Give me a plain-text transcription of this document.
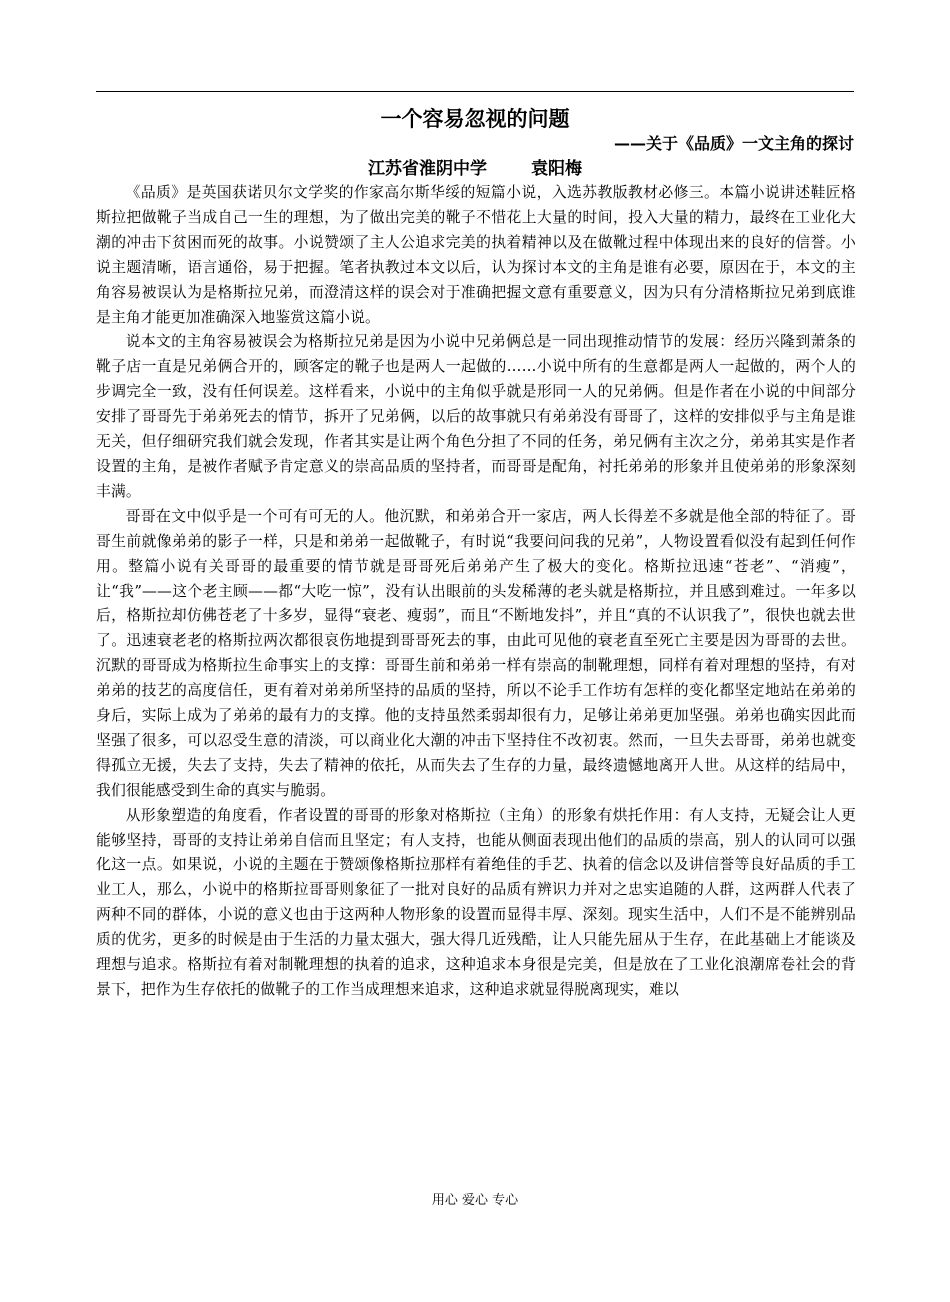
一个容易忽视的问题
——关于《品质》一文主角的探讨
江苏省淮阴中学	袁阳梅

《品质》是英国获诺贝尔文学奖的作家高尔斯华绥的短篇小说，入选苏教版教材必修三。本篇小说讲述鞋匠格斯拉把做靴子当成自己一生的理想，为了做出完美的靴子不惜花上大量的时间，投入大量的精力，最终在工业化大潮的冲击下贫困而死的故事。小说赞颂了主人公追求完美的执着精神以及在做靴过程中体现出来的良好的信誉。小说主题清晰，语言通俗，易于把握。笔者执教过本文以后，认为探讨本文的主角是谁有必要，原因在于，本文的主角容易被误认为是格斯拉兄弟，而澄清这样的误会对于准确把握文意有重要意义，因为只有分清格斯拉兄弟到底谁是主角才能更加准确深入地鉴赏这篇小说。

说本文的主角容易被误会为格斯拉兄弟是因为小说中兄弟俩总是一同出现推动情节的发展：经历兴隆到萧条的靴子店一直是兄弟俩合开的，顾客定的靴子也是两人一起做的……小说中所有的生意都是两人一起做的，两个人的步调完全一致，没有任何误差。这样看来，小说中的主角似乎就是形同一人的兄弟俩。但是作者在小说的中间部分安排了哥哥先于弟弟死去的情节，拆开了兄弟俩，以后的故事就只有弟弟没有哥哥了，这样的安排似乎与主角是谁无关，但仔细研究我们就会发现，作者其实是让两个角色分担了不同的任务，弟兄俩有主次之分，弟弟其实是作者设置的主角，是被作者赋予肯定意义的崇高品质的坚持者，而哥哥是配角，衬托弟弟的形象并且使弟弟的形象深刻丰满。

哥哥在文中似乎是一个可有可无的人。他沉默，和弟弟合开一家店，两人长得差不多就是他全部的特征了。哥哥生前就像弟弟的影子一样，只是和弟弟一起做靴子，有时说“我要问问我的兄弟”，人物设置看似没有起到任何作用。整篇小说有关哥哥的最重要的情节就是哥哥死后弟弟产生了极大的变化。格斯拉迅速“苍老”、“消瘦”，让“我”——这个老主顾——都“大吃一惊”，没有认出眼前的头发稀薄的老头就是格斯拉，并且感到难过。一年多以后，格斯拉却仿佛苍老了十多岁，显得“衰老、瘦弱”，而且“不断地发抖”，并且“真的不认识我了”，很快也就去世了。迅速衰老老的格斯拉两次都很哀伤地提到哥哥死去的事，由此可见他的衰老直至死亡主要是因为哥哥的去世。沉默的哥哥成为格斯拉生命事实上的支撑：哥哥生前和弟弟一样有崇高的制靴理想，同样有着对理想的坚持，有对弟弟的技艺的高度信任，更有着对弟弟所坚持的品质的坚持，所以不论手工作坊有怎样的变化都坚定地站在弟弟的身后，实际上成为了弟弟的最有力的支撑。他的支持虽然柔弱却很有力，足够让弟弟更加坚强。弟弟也确实因此而坚强了很多，可以忍受生意的清淡，可以商业化大潮的冲击下坚持住不改初衷。然而，一旦失去哥哥，弟弟也就变得孤立无援，失去了支持，失去了精神的依托，从而失去了生存的力量，最终遗憾地离开人世。从这样的结局中，我们很能感受到生命的真实与脆弱。

从形象塑造的角度看，作者设置的哥哥的形象对格斯拉（主角）的形象有烘托作用：有人支持，无疑会让人更能够坚持，哥哥的支持让弟弟自信而且坚定；有人支持，也能从侧面表现出他们的品质的崇高，别人的认同可以强化这一点。如果说，小说的主题在于赞颂像格斯拉那样有着绝佳的手艺、执着的信念以及讲信誉等良好品质的手工业工人，那么，小说中的格斯拉哥哥则象征了一批对良好的品质有辨识力并对之忠实追随的人群，这两群人代表了两种不同的群体，小说的意义也由于这两种人物形象的设置而显得丰厚、深刻。现实生活中，人们不是不能辨别品质的优劣，更多的时候是由于生活的力量太强大，强大得几近残酷，让人只能先屈从于生存，在此基础上才能谈及理想与追求。格斯拉有着对制靴理想的执着的追求，这种追求本身很是完美，但是放在了工业化浪潮席卷社会的背景下，把作为生存依托的做靴子的工作当成理想来追求，这种追求就显得脱离现实，难以

用心 爱心 专心
